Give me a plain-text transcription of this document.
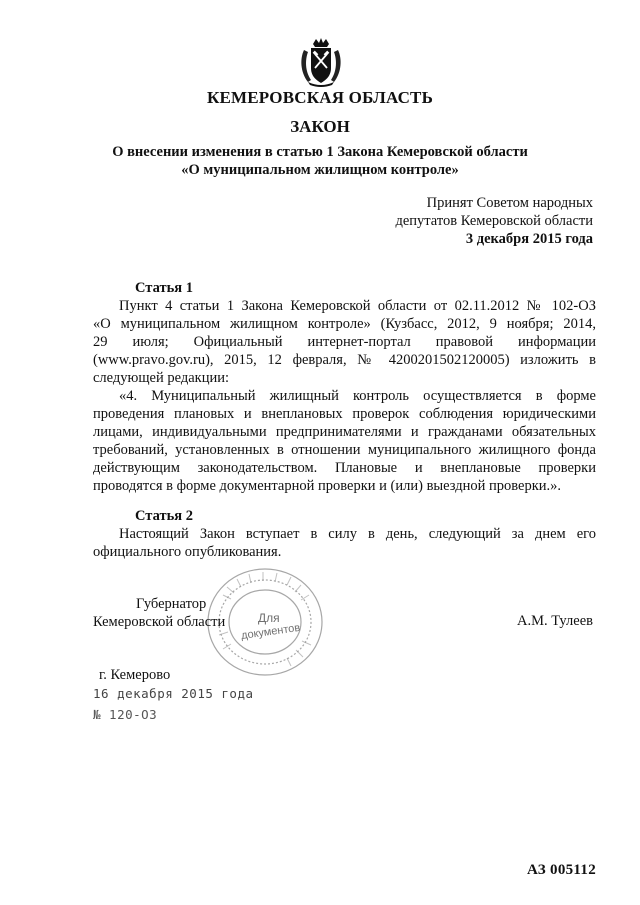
КЕМЕРОВСКАЯ ОБЛАСТЬ
ЗАКОН
О внесении изменения в статью 1 Закона Кемеровской области
«О муниципальном жилищном контроле»
Принят Советом народных
депутатов Кемеровской области
3 декабря 2015 года
Статья 1
Пункт 4 статьи 1 Закона Кемеровской области от 02.11.2012 № 102-ОЗ
«О муниципальном жилищном контроле» (Кузбасс, 2012, 9 ноября; 2014,
29 июля; Официальный интернет-портал правовой информации
(www.pravo.gov.ru), 2015, 12 февраля, № 4200201502120005) изложить в
следующей редакции:
«4. Муниципальный жилищный контроль осуществляется в форме
проведения плановых и внеплановых проверок соблюдения юридическими
лицами, индивидуальными предпринимателями и гражданами обязательных
требований, установленных в отношении муниципального жилищного фонда
действующим законодательством. Плановые и внеплановые проверки
проводятся в форме документарной проверки и (или) выездной проверки.».
Статья 2
Настоящий Закон вступает в силу в день, следующий за днем его
официального опубликования.
Для
документов
Губернатор
Кемеровской области	А.М. Тулеев
г. Кемерово
16 декабря 2015 года
№ 120-ОЗ
АЗ 005112
